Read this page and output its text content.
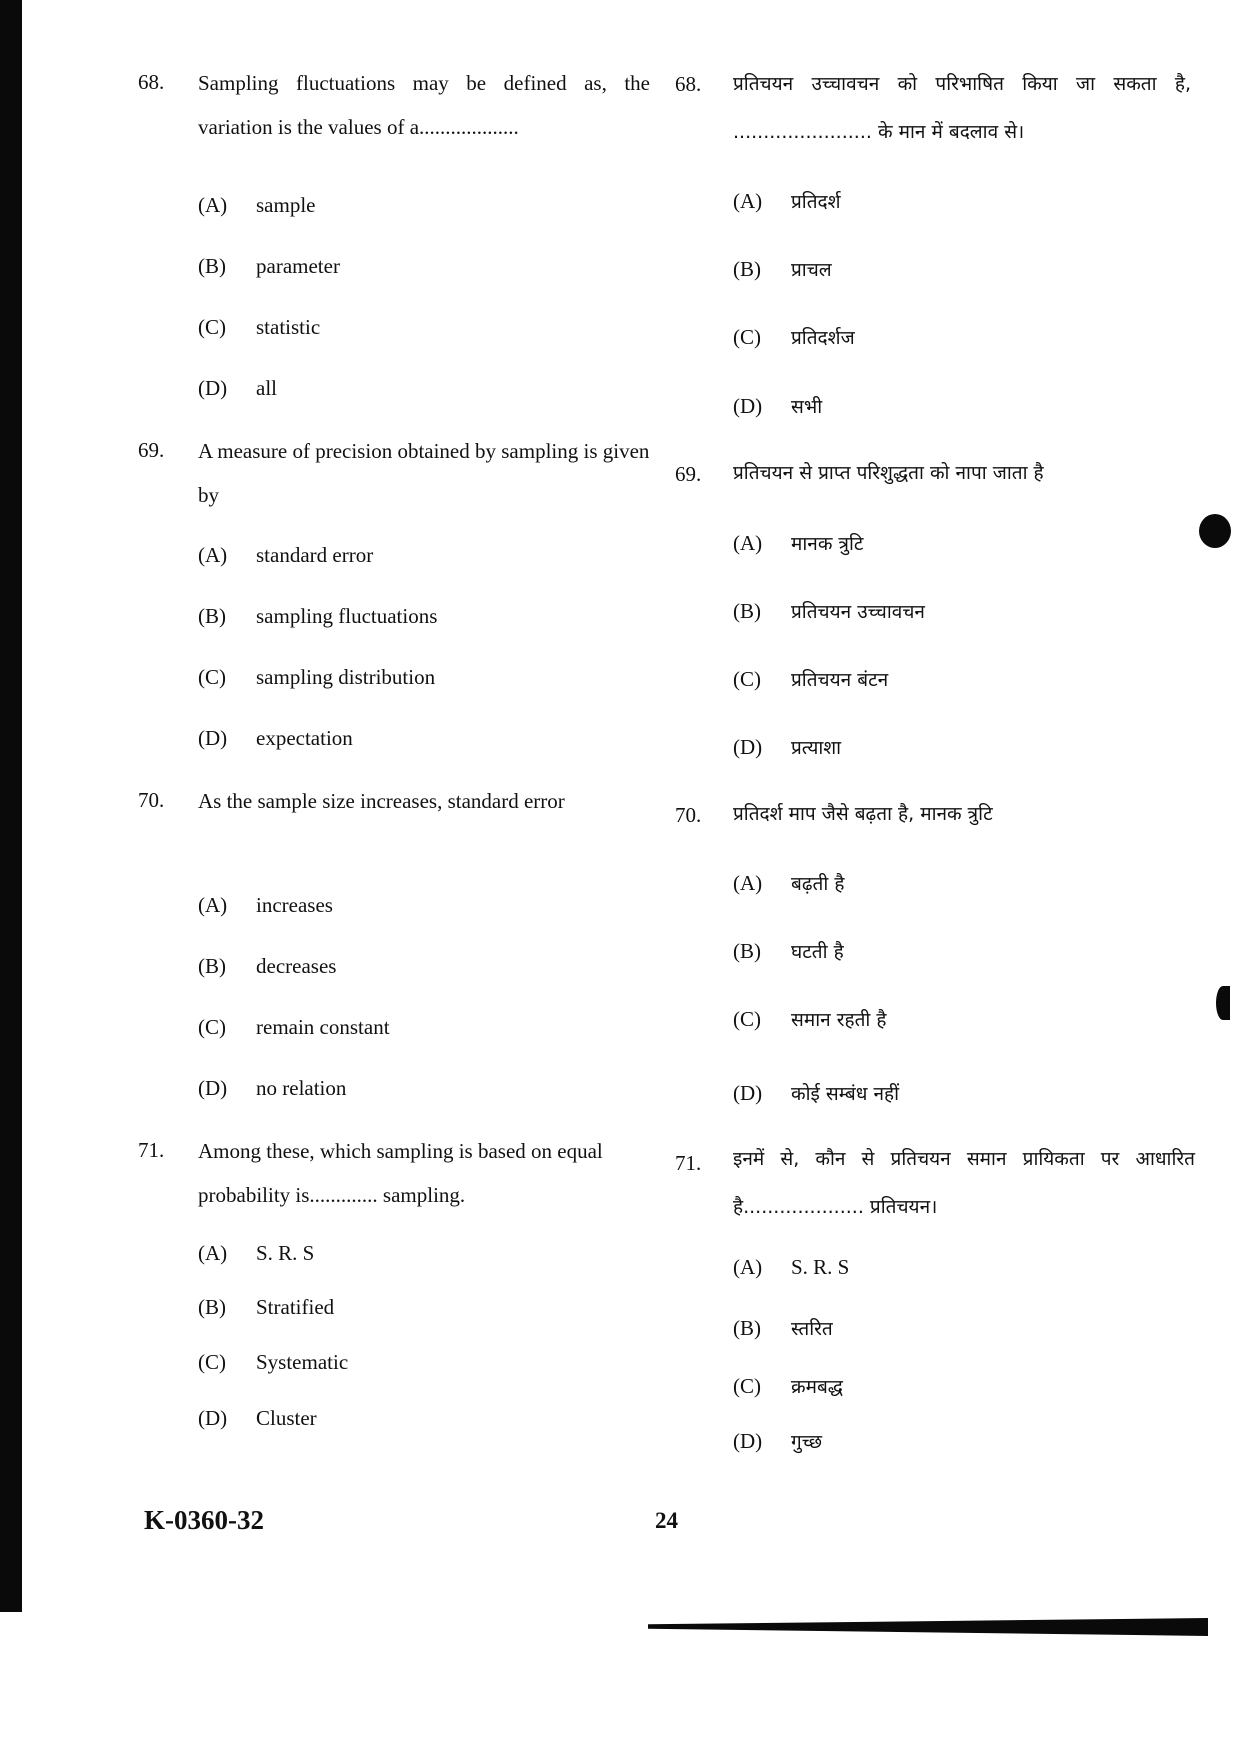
68. Sampling fluctuations may be defined as, the variation is the values of a...................
(A) sample
(B) parameter
(C) statistic
(D) all
69. A measure of precision obtained by sampling is given by
(A) standard error
(B) sampling fluctuations
(C) sampling distribution
(D) expectation
70. As the sample size increases, standard error
(A) increases
(B) decreases
(C) remain constant
(D) no relation
71. Among these, which sampling is based on equal probability is............. sampling.
(A) S. R. S
(B) Stratified
(C) Systematic
(D) Cluster
68. प्रतिचयन उच्चावचन को परिभाषित किया जा सकता है, ....................... के मान में बदलाव से।
(A) प्रतिदर्श
(B) प्राचल
(C) प्रतिदर्शज
(D) सभी
69. प्रतिचयन से प्राप्त परिशुद्धता को नापा जाता है
(A) मानक त्रुटि
(B) प्रतिचयन उच्चावचन
(C) प्रतिचयन बंटन
(D) प्रत्याशा
70. प्रतिदर्श माप जैसे बढ़ता है, मानक त्रुटि
(A) बढ़ती है
(B) घटती है
(C) समान रहती है
(D) कोई सम्बंध नहीं
71. इनमें से, कौन से प्रतिचयन समान प्रायिकता पर आधारित है.................... प्रतिचयन।
(A) S. R. S
(B) स्तरित
(C) क्रमबद्ध
(D) गुच्छ
K-0360-32	24
